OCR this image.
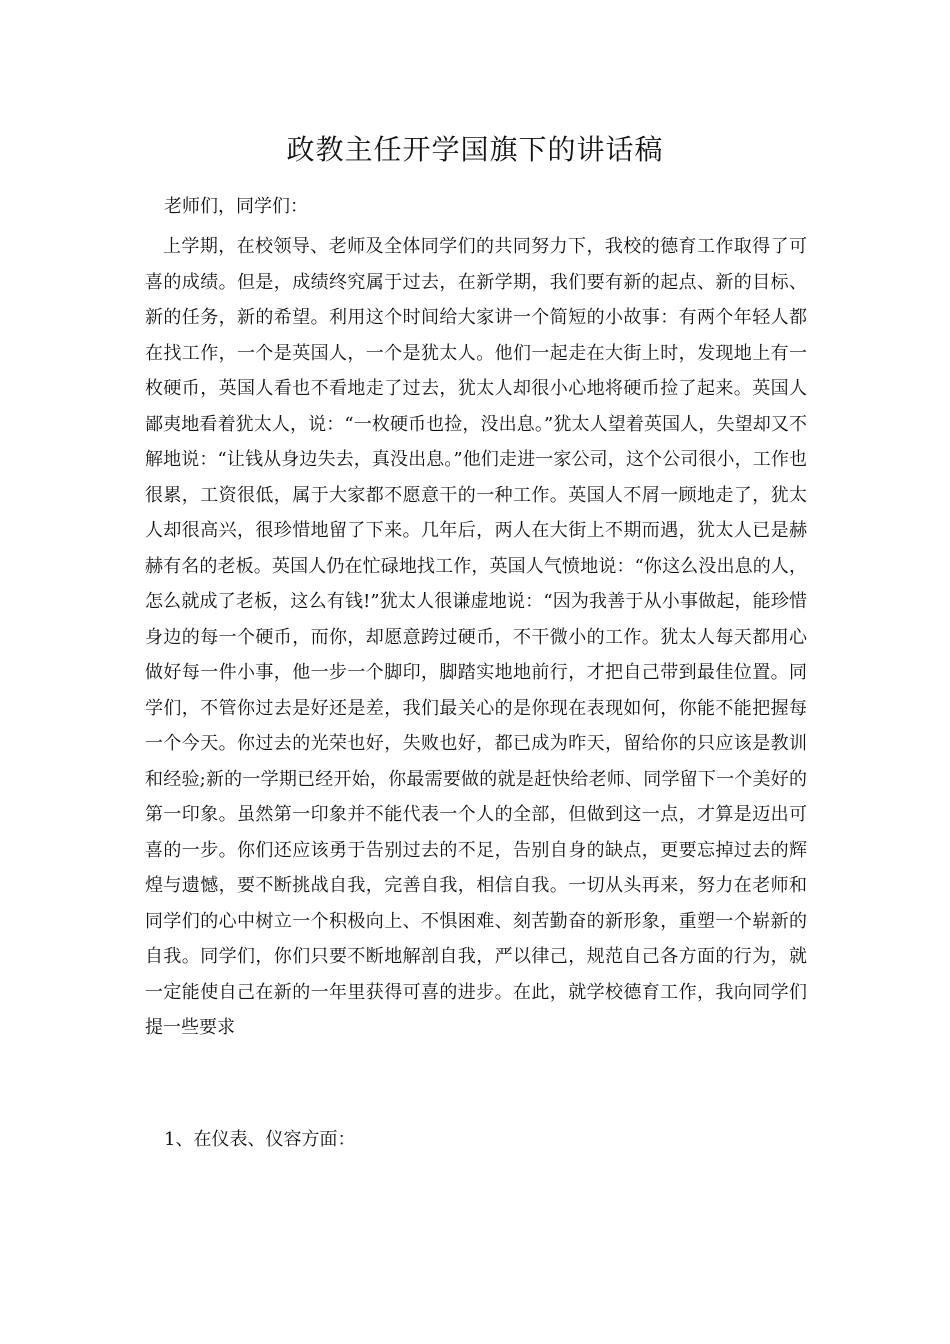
政教主任开学国旗下的讲话稿
老师们，同学们：

上学期，在校领导、老师及全体同学们的共同努力下，我校的德育工作取得了可喜的成绩。但是，成绩终究属于过去，在新学期，我们要有新的起点、新的目标、新的任务，新的希望。利用这个时间给大家讲一个简短的小故事：有两个年轻人都在找工作，一个是英国人，一个是犹太人。他们一起走在大街上时，发现地上有一枚硬币，英国人看也不看地走了过去，犹太人却很小心地将硬币捡了起来。英国人鄙夷地看着犹太人，说：“一枚硬币也捡，没出息。”犹太人望着英国人，失望却又不解地说：“让钱从身边失去，真没出息。”他们走进一家公司，这个公司很小，工作也很累，工资很低，属于大家都不愿意干的一种工作。英国人不屑一顾地走了，犹太人却很高兴，很珍惜地留了下来。几年后，两人在大街上不期而遇，犹太人已是赫赫有名的老板。英国人仍在忙碌地找工作，英国人气愤地说：“你这么没出息的人，怎么就成了老板，这么有钱!”犹太人很谦虚地说：“因为我善于从小事做起，能珍惜身边的每一个硬币，而你，却愿意跨过硬币，不干微小的工作。犹太人每天都用心做好每一件小事，他一步一个脚印，脚踏实地地前行，才把自己带到最佳位置。同学们，不管你过去是好还是差，我们最关心的是你现在表现如何，你能不能把握每一个今天。你过去的光荣也好，失败也好，都已成为昨天，留给你的只应该是教训和经验;新的一学期已经开始，你最需要做的就是赶快给老师、同学留下一个美好的第一印象。虽然第一印象并不能代表一个人的全部，但做到这一点，才算是迈出可喜的一步。你们还应该勇于告别过去的不足，告别自身的缺点，更要忘掉过去的辉煌与遗憾，要不断挑战自我，完善自我，相信自我。一切从头再来，努力在老师和同学们的心中树立一个积极向上、不惧困难、刻苦勤奋的新形象，重塑一个崭新的自我。同学们，你们只要不断地解剖自我，严以律己，规范自己各方面的行为，就一定能使自己在新的一年里获得可喜的进步。在此，就学校德育工作，我向同学们提一些要求

1、在仪表、仪容方面：
